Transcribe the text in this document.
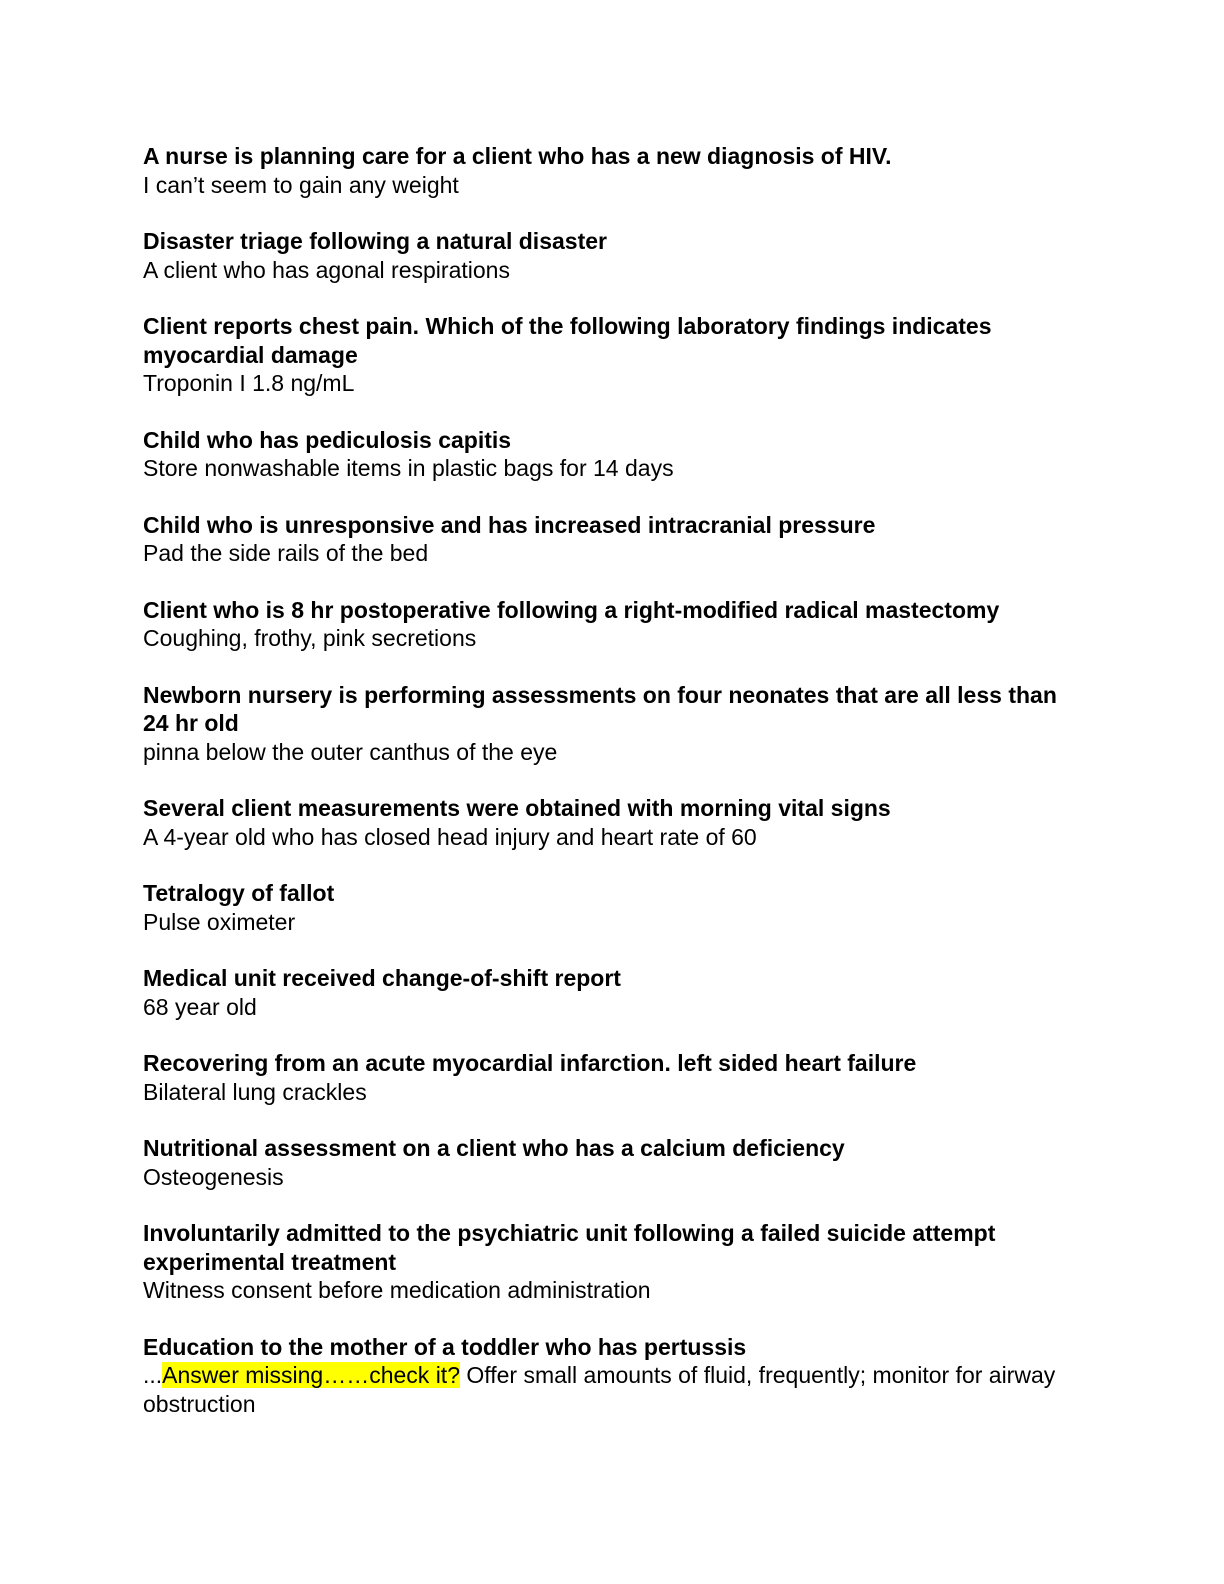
A nurse is planning care for a client who has a new diagnosis of HIV.

I can’t seem to gain any weight

Disaster triage following a natural disaster

A client who has agonal respirations

Client reports chest pain. Which of the following laboratory findings indicates myocardial damage

Troponin I 1.8 ng/mL

Child who has pediculosis capitis

Store nonwashable items in plastic bags for 14 days

Child who is unresponsive and has increased intracranial pressure

Pad the side rails of the bed

Client who is 8 hr postoperative following a right-modified radical mastectomy

Coughing, frothy, pink secretions

Newborn nursery is performing assessments on four neonates that are all less than 24 hr old

pinna below the outer canthus of the eye

Several client measurements were obtained with morning vital signs

A 4-year old who has closed head injury and heart rate of 60

Tetralogy of fallot

Pulse oximeter

Medical unit received change-of-shift report

68 year old

Recovering from an acute myocardial infarction. left sided heart failure

Bilateral lung crackles

Nutritional assessment on a client who has a calcium deficiency

Osteogenesis

Involuntarily admitted to the psychiatric unit following a failed suicide attempt experimental treatment

Witness consent before medication administration

Education to the mother of a toddler who has pertussis

...Answer missing……check it? Offer small amounts of fluid, frequently; monitor for airway obstruction
